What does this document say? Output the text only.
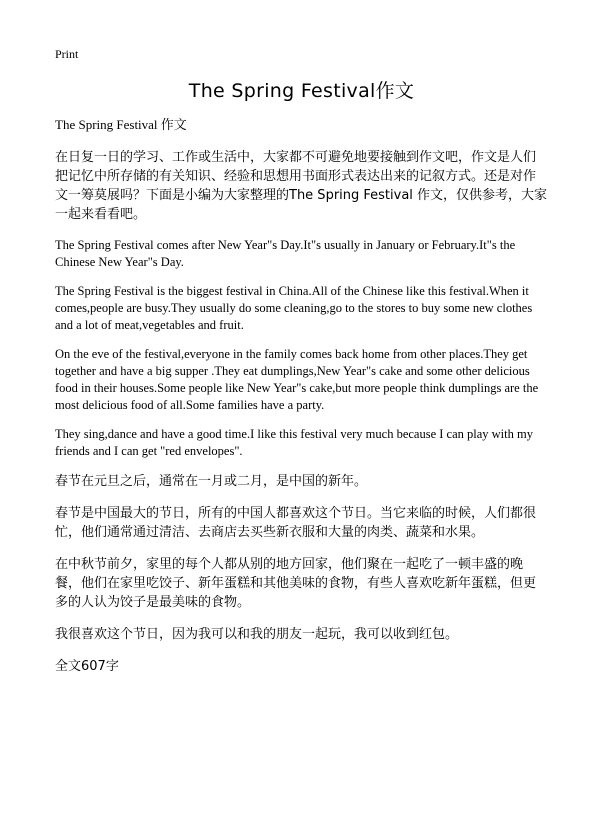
Print
The Spring Festival作文
The Spring Festival 作文

在日复一日的学习、工作或生活中，大家都不可避免地要接触到作文吧，作文是人们把记忆中所存储的有关知识、经验和思想用书面形式表达出来的记叙方式。还是对作文一筹莫展吗？下面是小编为大家整理的The Spring Festival 作文，仅供参考，大家一起来看看吧。

The Spring Festival comes after New Year"s Day.It"s usually in January or February.It"s the Chinese New Year"s Day.

The Spring Festival is the biggest festival in China.All of the Chinese like this festival.When it comes,people are busy.They usually do some cleaning,go to the stores to buy some new clothes and a lot of meat,vegetables and fruit.

On the eve of the festival,everyone in the family comes back home from other places.They get together and have a big supper .They eat dumplings,New Year"s cake and some other delicious food in their houses.Some people like New Year"s cake,but more people think dumplings are the most delicious food of all.Some families have a party.

They sing,dance and have a good time.I like this festival very much because I can play with my friends and I can get "red envelopes".

春节在元旦之后，通常在一月或二月，是中国的新年。

春节是中国最大的节日，所有的中国人都喜欢这个节日。当它来临的时候，人们都很忙，他们通常通过清洁、去商店去买些新衣服和大量的肉类、蔬菜和水果。

在中秋节前夕，家里的每个人都从别的地方回家，他们聚在一起吃了一顿丰盛的晚餐，他们在家里吃饺子、新年蛋糕和其他美味的食物，有些人喜欢吃新年蛋糕，但更多的人认为饺子是最美味的食物。

我很喜欢这个节日，因为我可以和我的朋友一起玩，我可以收到红包。

全文607字
